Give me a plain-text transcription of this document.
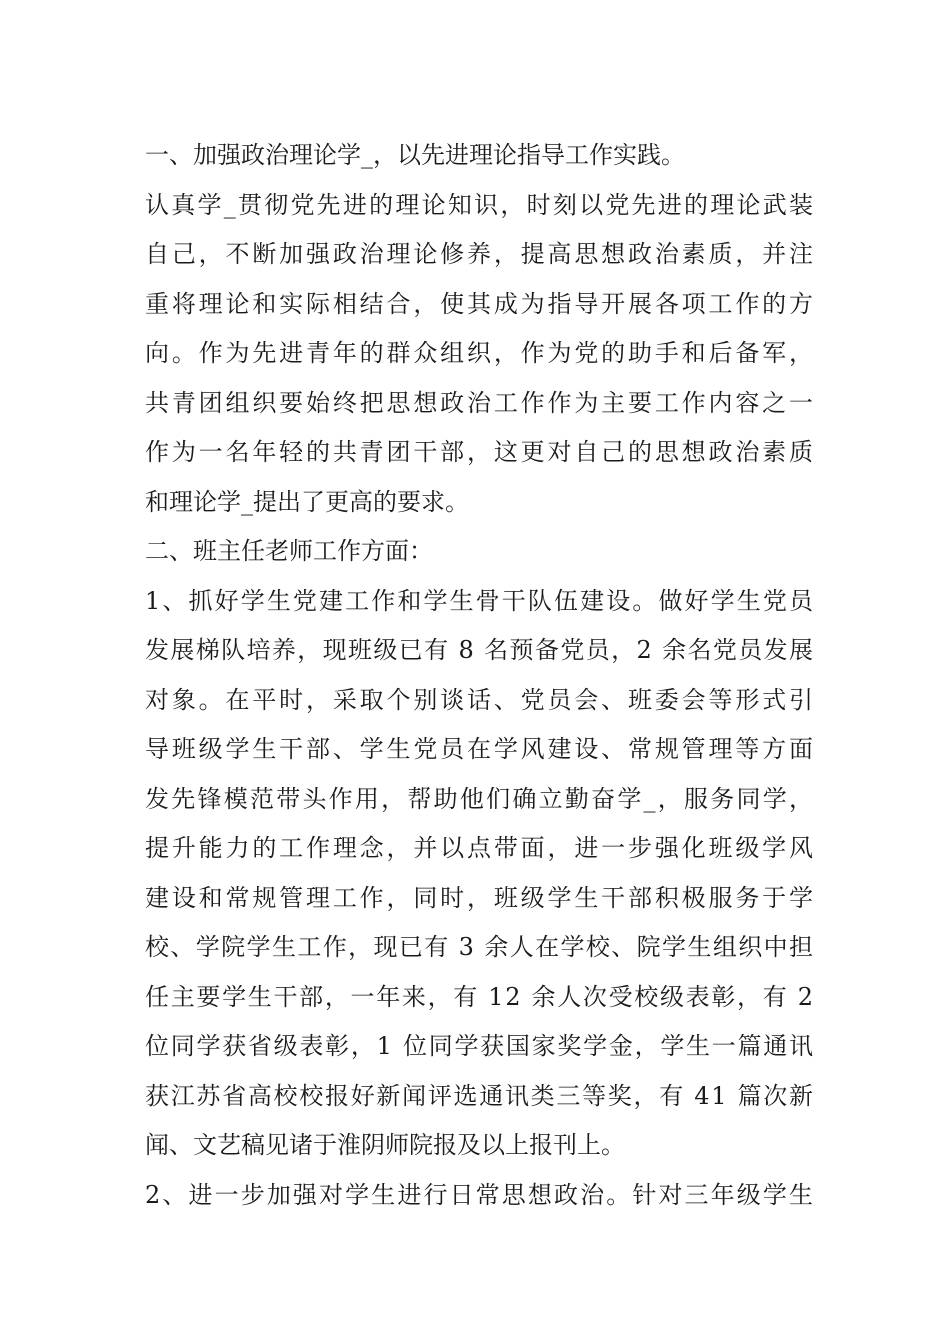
一、加强政治理论学_，以先进理论指导工作实践。
认真学_贯彻党先进的理论知识，时刻以党先进的理论武装
自己，不断加强政治理论修养，提高思想政治素质，并注
重将理论和实际相结合，使其成为指导开展各项工作的方
向。作为先进青年的群众组织，作为党的助手和后备军，
共青团组织要始终把思想政治工作作为主要工作内容之一
作为一名年轻的共青团干部，这更对自己的思想政治素质
和理论学_提出了更高的要求。
二、班主任老师工作方面：
1、抓好学生党建工作和学生骨干队伍建设。做好学生党员
发展梯队培养，现班级已有 8 名预备党员，2 余名党员发展
对象。在平时，采取个别谈话、党员会、班委会等形式引
导班级学生干部、学生党员在学风建设、常规管理等方面
发先锋模范带头作用，帮助他们确立勤奋学_，服务同学，
提升能力的工作理念，并以点带面，进一步强化班级学风
建设和常规管理工作，同时，班级学生干部积极服务于学
校、学院学生工作，现已有 3 余人在学校、院学生组织中担
任主要学生干部，一年来，有 12 余人次受校级表彰，有 2
位同学获省级表彰，1 位同学获国家奖学金，学生一篇通讯
获江苏省高校校报好新闻评选通讯类三等奖，有 41 篇次新
闻、文艺稿见诸于淮阴师院报及以上报刊上。
2、进一步加强对学生进行日常思想政治。针对三年级学生
